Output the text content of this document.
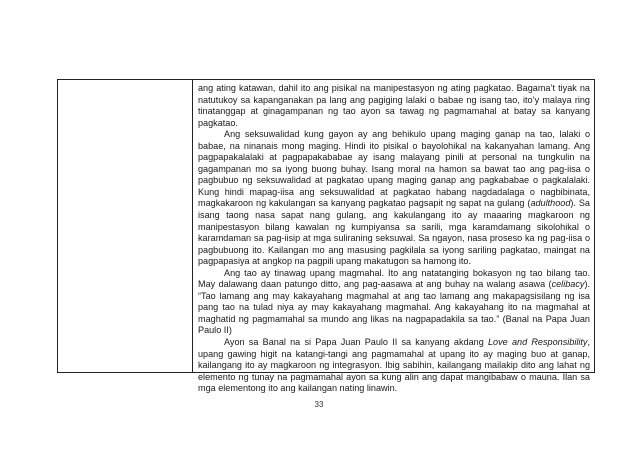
ang ating katawan, dahil ito ang pisikal na manipestasyon ng ating pagkatao. Bagama’t tiyak na natutukoy sa kapanganakan pa lang ang pagiging lalaki o babae ng isang tao, ito’y malaya ring tinatanggap at ginagampanan ng tao ayon sa tawag ng pagmamahal at batay sa kanyang pagkatao.

Ang seksuwalidad kung gayon ay ang behikulo upang maging ganap na tao, lalaki o babae, na ninanais mong maging. Hindi ito pisikal o bayolohikal na kakanyahan lamang. Ang pagpapakalalaki at pagpapakababae ay isang malayang pinili at personal na tungkulin na gagampanan mo sa iyong buong buhay. Isang moral na hamon sa bawat tao ang pag-iisa o pagbubuo ng seksuwalidad at pagkatao upang maging ganap ang pagkababae o pagkalalaki. Kung hindi mapag-iisa ang seksuwalidad at pagkatao habang nagdadalaga o nagbibinata, magkakaroon ng kakulangan sa kanyang pagkatao pagsapit ng sapat na gulang (adulthood). Sa isang taong nasa sapat nang gulang, ang kakulangang ito ay maaaring magkaroon ng manipestasyon bilang kawalan ng kumpiyansa sa sarili, mga karamdamang sikolohikal o karamdaman sa pag-iisip at mga suliraning seksuwal. Sa ngayon, nasa proseso ka ng pag-iisa o pagbubuong ito. Kailangan mo ang masusing pagkilala sa iyong sariling pagkatao, maingat na pagpapasiya at angkop na pagpili upang makatugon sa hamong ito.

Ang tao ay tinawag upang magmahal. Ito ang natatanging bokasyon ng tao bilang tao. May dalawang daan patungo ditto, ang pag-aasawa at ang buhay na walang asawa (celibacy). “Tao lamang ang may kakayahang magmahal at ang tao lamang ang makapagsisilang ng isa pang tao na tulad niya ay may kakayahang magmahal. Ang kakayahang ito na magmahal at maghatid ng pagmamahal sa mundo ang likas na nagpapadakila sa tao.” (Banal na Papa Juan Paulo II)

Ayon sa Banal na si Papa Juan Paulo II sa kanyang akdang Love and Responsibility, upang gawing higit na katangi-tangi ang pagmamahal at upang ito ay maging buo at ganap, kailangang ito ay magkaroon ng integrasyon. Ibig sabihin, kailangang mailakip dito ang lahat ng elemento ng tunay na pagmamahal ayon sa kung alin ang dapat mangibabaw o mauna. Ilan sa mga elementong ito ang kailangan nating linawin.

33
